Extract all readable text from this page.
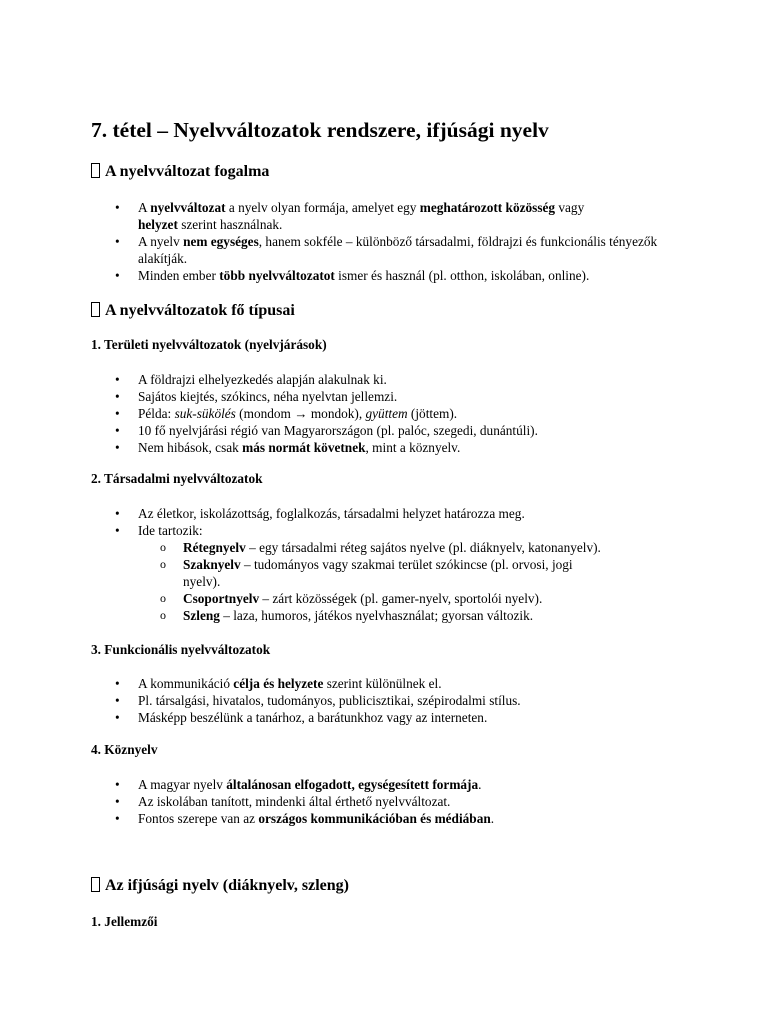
7. tétel – Nyelvváltozatok rendszere, ifjúsági nyelv
A nyelvváltozat fogalma
• A nyelvváltozat a nyelv olyan formája, amelyet egy meghatározott közösség vagy
helyzet szerint használnak.
• A nyelv nem egységes, hanem sokféle – különböző társadalmi, földrajzi és funkcionális tényezők alakítják.
• Minden ember több nyelvváltozatot ismer és használ (pl. otthon, iskolában, online).
A nyelvváltozatok fő típusai
1. Területi nyelvváltozatok (nyelvjárások)
• A földrajzi elhelyezkedés alapján alakulnak ki.
• Sajátos kiejtés, szókincs, néha nyelvtan jellemzi.
• Példa: suk-sükölés (mondom → mondok), gyüttem (jöttem).
• 10 fő nyelvjárási régió van Magyarországon (pl. palóc, szegedi, dunántúli).
• Nem hibások, csak más normát követnek, mint a köznyelv.
2. Társadalmi nyelvváltozatok
• Az életkor, iskolázottság, foglalkozás, társadalmi helyzet határozza meg.
• Ide tartozik:
o Rétegnyelv – egy társadalmi réteg sajátos nyelve (pl. diáknyelv, katonanyelv).
o Szaknyelv – tudományos vagy szakmai terület szókincse (pl. orvosi, jogi nyelv).
o Csoportnyelv – zárt közösségek (pl. gamer-nyelv, sportolói nyelv).
o Szleng – laza, humoros, játékos nyelvhasználat; gyorsan változik.
3. Funkcionális nyelvváltozatok
• A kommunikáció célja és helyzete szerint különülnek el.
• Pl. társalgási, hivatalos, tudományos, publicisztikai, szépirodalmi stílus.
• Másképp beszélünk a tanárhoz, a barátunkhoz vagy az interneten.
4. Köznyelv
• A magyar nyelv általánosan elfogadott, egységesített formája.
• Az iskolában tanított, mindenki által érthető nyelvváltozat.
• Fontos szerepe van az országos kommunikációban és médiában.
Az ifjúsági nyelv (diáknyelv, szleng)
1. Jellemzői
